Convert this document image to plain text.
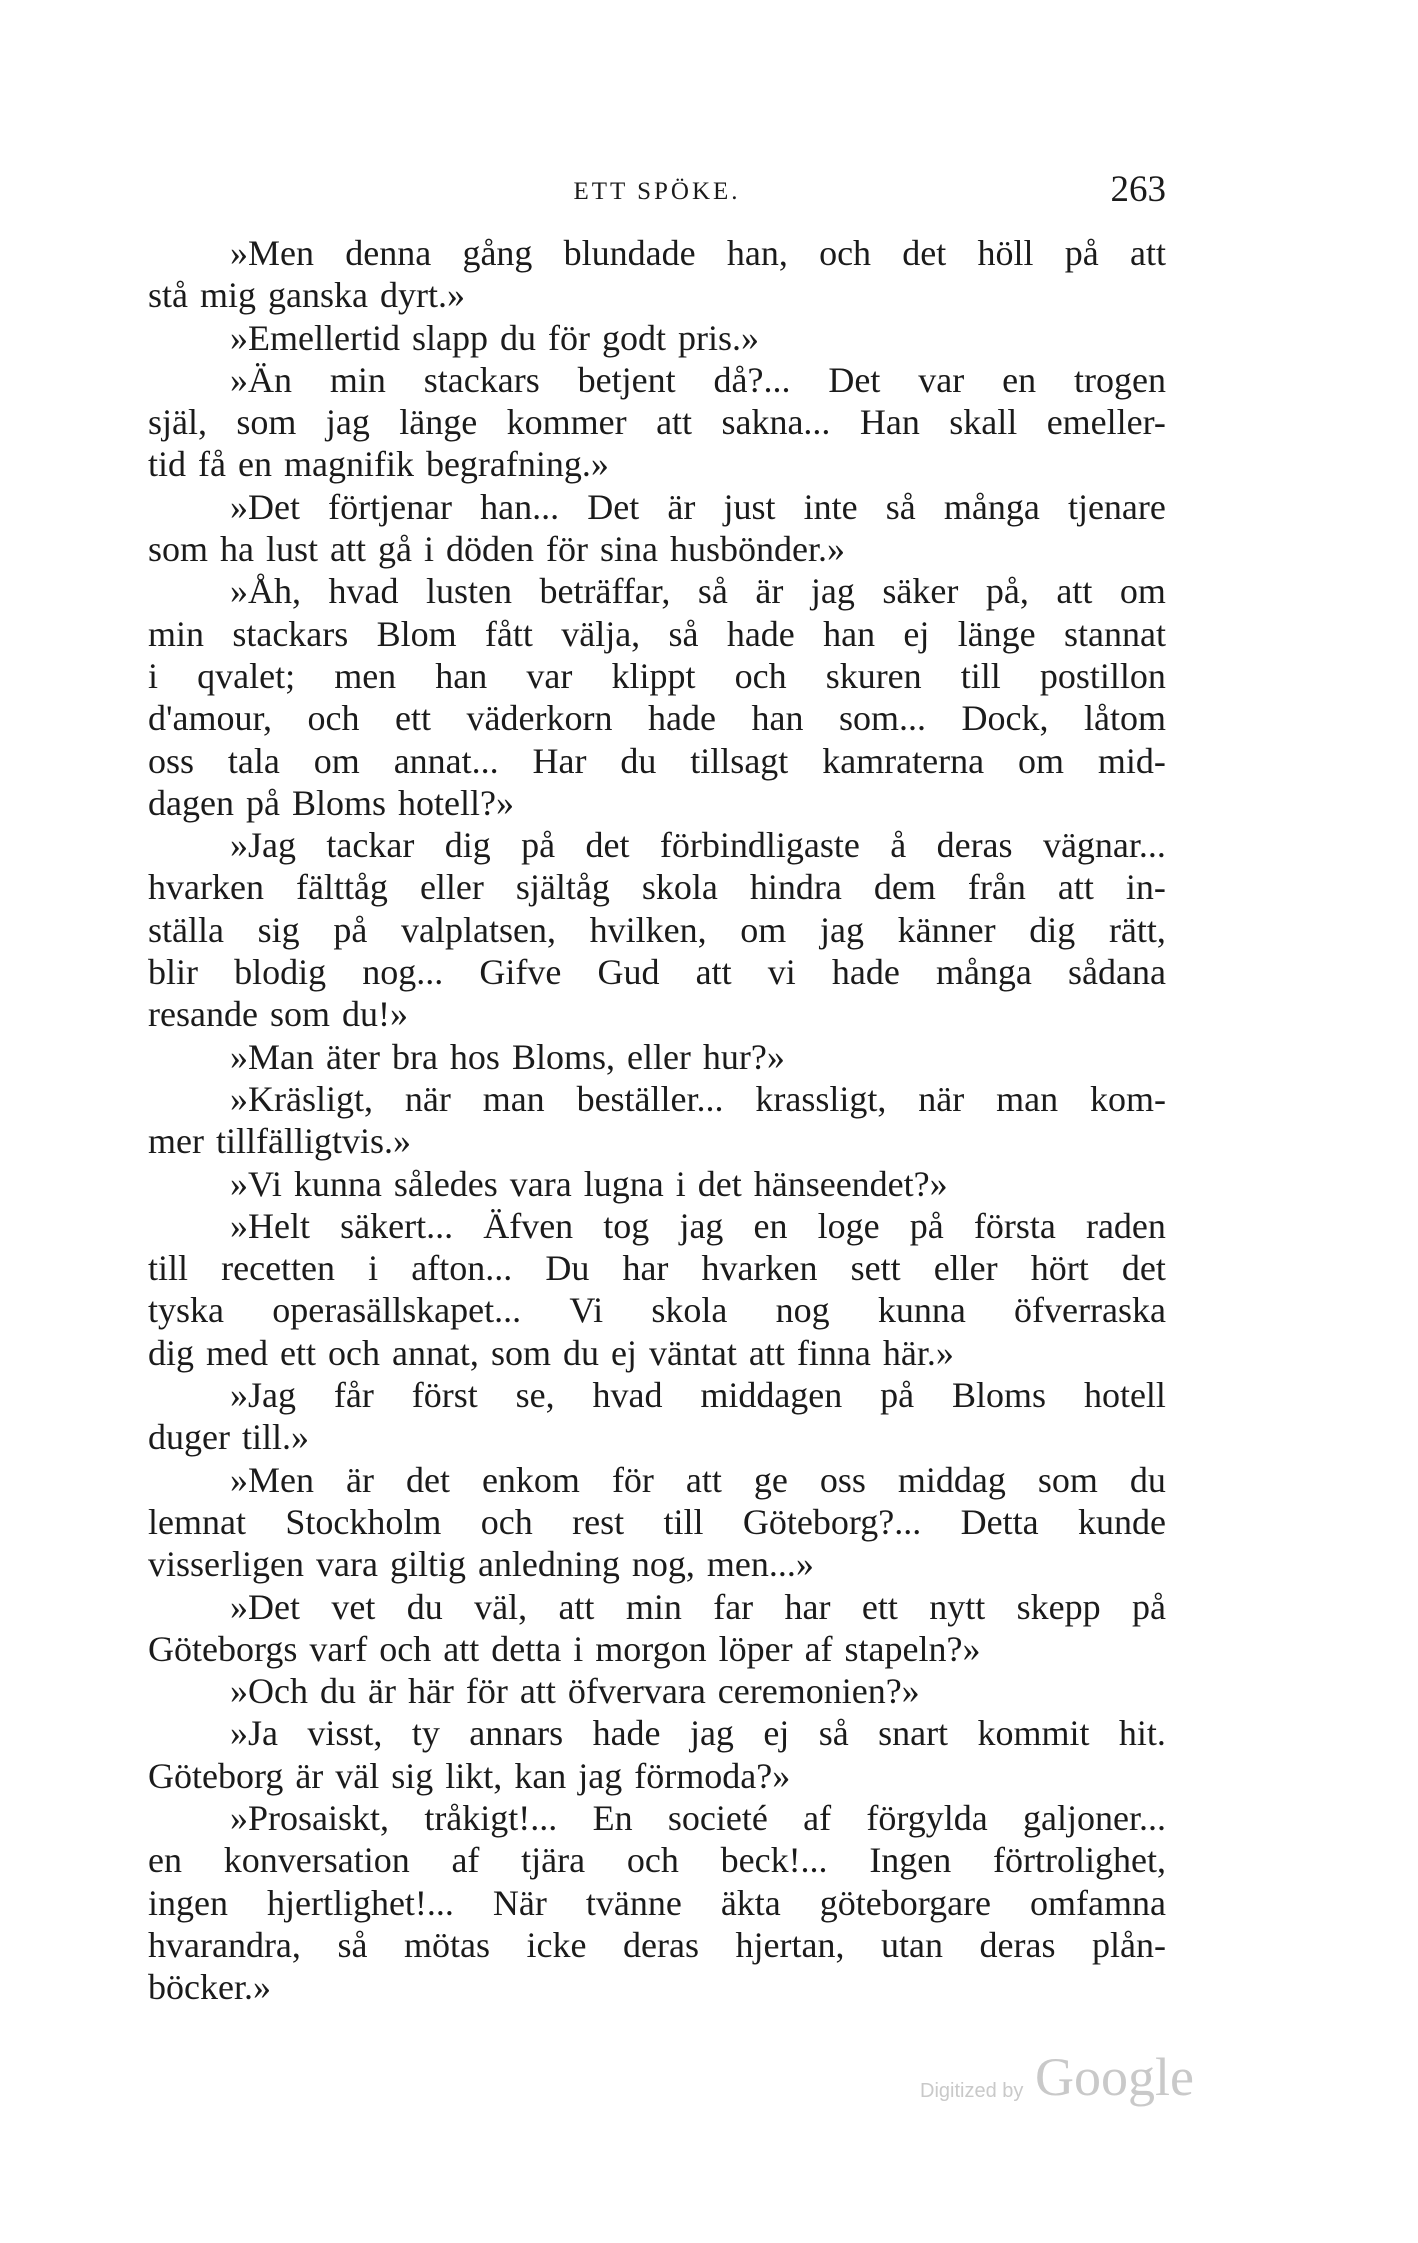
ETT SPÖKE.	263
»Men denna gång blundade han, och det höll på att
stå mig ganska dyrt.»
»Emellertid slapp du för godt pris.»
»Än min stackars betjent då?... Det var en trogen
själ, som jag länge kommer att sakna... Han skall emeller-
tid få en magnifik begrafning.»
»Det förtjenar han... Det är just inte så många tjenare
som ha lust att gå i döden för sina husbönder.»
»Åh, hvad lusten beträffar, så är jag säker på, att om
min stackars Blom fått välja, så hade han ej länge stannat
i qvalet; men han var klippt och skuren till postillon
d'amour, och ett väderkorn hade han som... Dock, låtom
oss tala om annat... Har du tillsagt kamraterna om mid-
dagen på Bloms hotell?»
»Jag tackar dig på det förbindligaste å deras vägnar...
hvarken fälttåg eller själtåg skola hindra dem från att in-
ställa sig på valplatsen, hvilken, om jag känner dig rätt,
blir blodig nog... Gifve Gud att vi hade många sådana
resande som du!»
»Man äter bra hos Bloms, eller hur?»
»Kräsligt, när man beställer... krassligt, när man kom-
mer tillfälligtvis.»
»Vi kunna således vara lugna i det hänseendet?»
»Helt säkert... Äfven tog jag en loge på första raden
till recetten i afton... Du har hvarken sett eller hört det
tyska operasällskapet... Vi skola nog kunna öfverraska
dig med ett och annat, som du ej väntat att finna här.»
»Jag får först se, hvad middagen på Bloms hotell
duger till.»
»Men är det enkom för att ge oss middag som du
lemnat Stockholm och rest till Göteborg?... Detta kunde
visserligen vara giltig anledning nog, men...»
»Det vet du väl, att min far har ett nytt skepp på
Göteborgs varf och att detta i morgon löper af stapeln?»
»Och du är här för att öfvervara ceremonien?»
»Ja visst, ty annars hade jag ej så snart kommit hit.
Göteborg är väl sig likt, kan jag förmoda?»
»Prosaiskt, tråkigt!... En societé af förgylda galjoner...
en konversation af tjära och beck!... Ingen förtrolighet,
ingen hjertlighet!... När tvänne äkta göteborgare omfamna
hvarandra, så mötas icke deras hjertan, utan deras plån-
böcker.»
Digitized by Google
